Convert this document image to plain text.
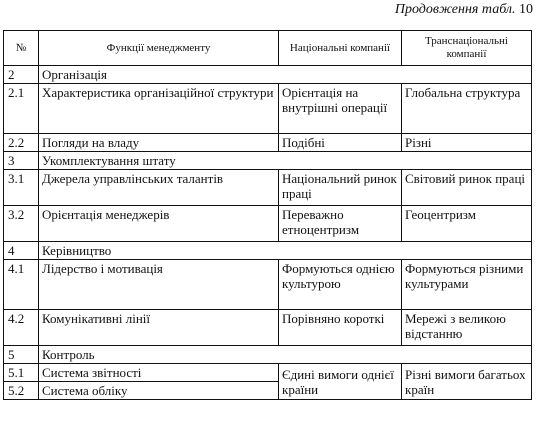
Продовження табл. 10
№	Функції менеджменту	Національні компанії	Транснаціональні компанії
2	Організація		
2.1	Характеристика організаційної структури	Орієнтація на внутрішні операції	Глобальна структура
2.2	Погляди на владу	Подібні	Різні
3	Укомплектування штату		
3.1	Джерела управлінських талантів	Національний ринок праці	Світовий ринок праці
3.2	Орієнтація менеджерів	Переважно етноцентризм	Геоцентризм
4	Керівництво		
4.1	Лідерство і мотивація	Формуються однією культурою	Формуються різними культурами
4.2	Комунікативні лінії	Порівняно короткі	Мережі з великою відстанню
5	Контроль		
5.1	Система звітності	Єдині вимоги однієї країни	Різні вимоги багатьох країн
5.2	Система обліку		
